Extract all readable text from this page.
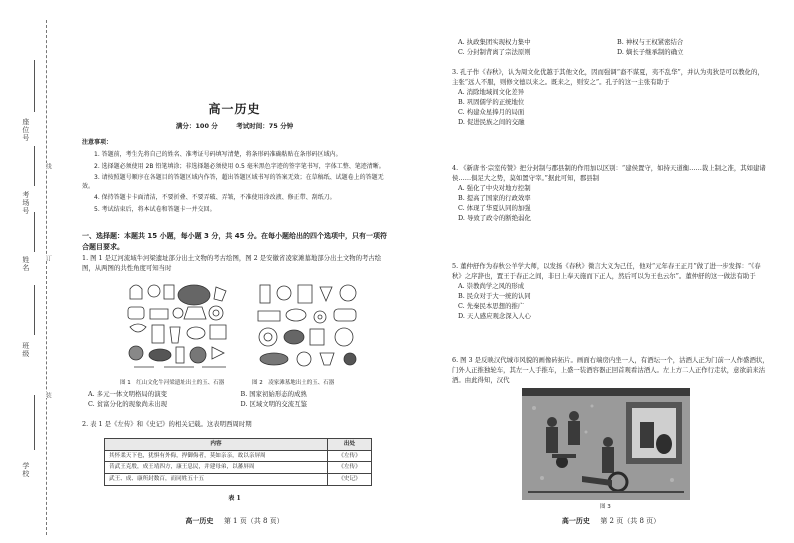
学校
班级
姓名
考场号
座位号
线
订
装
高一历史
满分：100 分	考试时间：75 分钟
注意事项：

1. 答题前，考生先将自己的姓名、准考证号码填写清楚，将条形码准确粘贴在条形码区域内。

2. 选择题必须使用 2B 铅笔填涂；非选择题必须使用 0.5 毫米黑色字迹的签字笔书写，字体工整、笔迹清晰。

3. 请按照题号顺序在各题目的答题区域内作答，超出答题区域书写的答案无效；在草稿纸、试题卷上的答题无效。

4. 保持答题卡卡面清洁，不要折叠、不要弄破、弄皱，不准使用涂改液、修正带、刮纸刀。

5. 考试结束后，将本试卷和答题卡一并交回。

一、选择题：本题共 15 小题，每小题 3 分，共 45 分。在每小题给出的四个选项中，只有一项符合题目要求。
1. 图 1 是辽河流域牛河梁遗址部分出土文物的考古绘图，图 2 是安徽省凌家滩墓地部分出土文物的考古绘图，从两图的共性角度可知当时
图 1　红山文化牛河梁遗址出土的玉、石器	图 2　凌家滩墓地出土的玉、石器
A. 多元一体文明格局的演变	B. 国家初始形态的成熟
C. 贫富分化的现象尚未出现	D. 区域文明的交流互鉴
2. 表 1 是《左传》和《史记》的相关记载。这表明西周时期
内容	出处
其怀柔天下也，犹惧有外侮，捍御侮者，莫如亲亲，故以亲屏周	《左传》
昔武王克殷，成王靖四方，康王息民，并建母弟，以蕃屏周	《左传》
武王、成、康所封数百，而同姓五十五	《史记》
表 1
高一历史 第 1 页（共 8 页）
A. 执政集团实现权力集中	B. 神权与王权紧密结合
C. 分封制背离了宗法原则	D. 嫡长子继承制的确立
3. 孔子作《春秋》，认为周文化优越于其他文化，因而强调“裔不谋夏，夷不乱华”，并认为夷狄是可以教化的，主张“远人不服，则修文德以来之。既来之，则安之”。孔子的这一主张有助于
A. 消除地域间文化差异
B. 巩固儒学的正统地位
C. 构建众星捧月的局面
D. 促进民族之间的交融
4. 《新唐书·宗室传赞》把分封制与郡县制的作用加以区别：“建侯置守，如持天道衡……裁上制之准，其如建诸侯……俱足大之势，莫如置守宰。”据此可知，郡县制
A. 强化了中央对地方控制
B. 提高了国家的行政效率
C. 体现了华夏认同的加强
D. 导致了政令的断绝弱化
5. 董仲舒作为春秋公羊学大师，以发扬《春秋》微言大义为己任，他对“元年春王正月”做了进一步发挥：“《春秋》之序辞也，置王于春正之间，非曰上奉天施而下正人，然后可以为王也云尔”。董仲舒的这一做法有助于
A. 崇教尚学之风的形成
B. 民众对于大一统的认同
C. 先秦民本思想的推广
D. 天人感应观念深入人心
6. 图 3 是反映汉代城市风貌的画像砖拓片。画面右端房内坐一人，有酒坛一个，沽酒人正为门前一人作盛酒状，门外人正推独轮车，其左一人手推车，上盛一装酒容器正回首观看沽酒人。左上方二人正作行走状，意欲前来沽酒。由此得知，汉代
图 3
高一历史 第 2 页（共 8 页）
